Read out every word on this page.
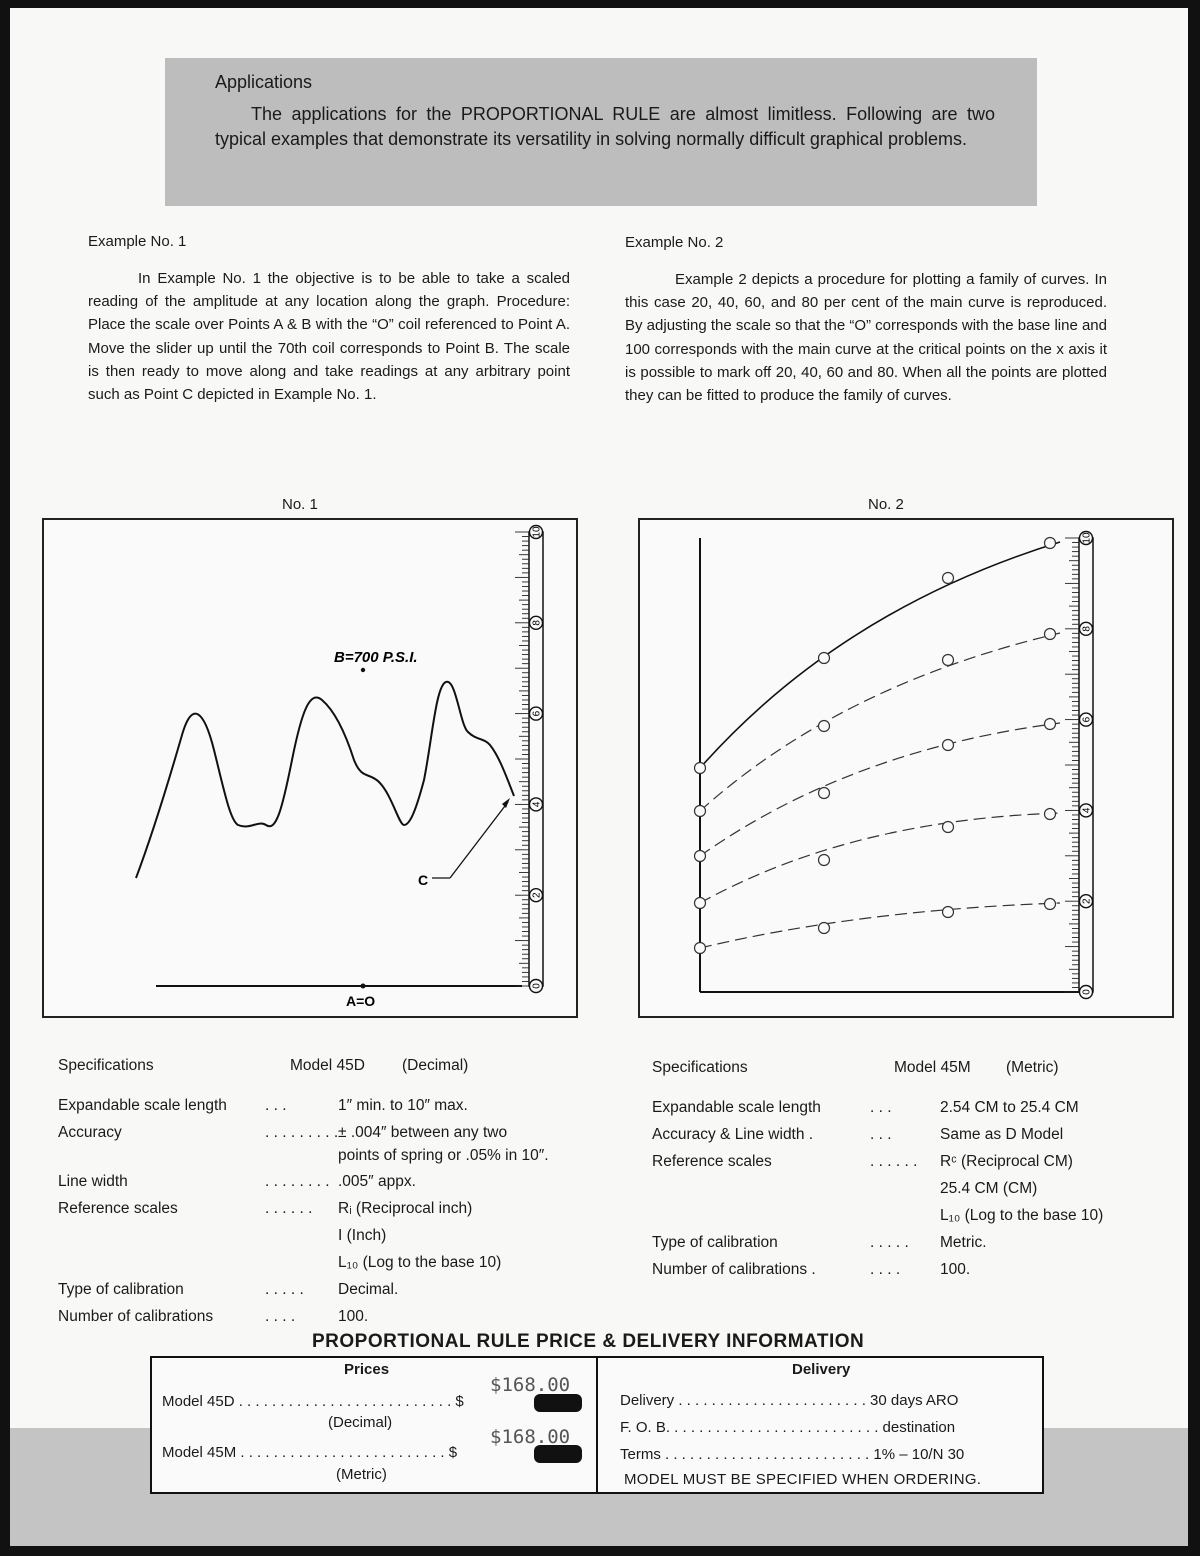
Applications
The applications for the PROPORTIONAL RULE are almost limitless. Following are two typical examples that demonstrate its versatility in solving normally difficult graphical problems.
Example No. 1
In Example No. 1 the objective is to be able to take a scaled reading of the amplitude at any location along the graph. Procedure: Place the scale over Points A & B with the “O” coil referenced to Point A. Move the slider up until the 70th coil corresponds to Point B. The scale is then ready to move along and take readings at any arbitrary point such as Point C depicted in Example No. 1.
Example No. 2
Example 2 depicts a procedure for plotting a family of curves. In this case 20, 40, 60, and 80 per cent of the main curve is reproduced. By adjusting the scale so that the “O” corresponds with the base line and 100 corresponds with the main curve at the critical points on the x axis it is possible to mark off 20, 40, 60 and 80. When all the points are plotted they can be fitted to produce the family of curves.
No. 1
B=700 P.S.I.
A=O
C
0
2
4
6
8
10
No. 2
0
2
4
6
8
10
Specifications	Model 45D (Decimal)	Specifications	Model 45M (Metric)
PROPORTIONAL RULE PRICE & DELIVERY INFORMATION
Prices
Model 45D . . . . . . . . . . . . . . . . . . . . . . . . . . $
$168.00
(Decimal)
Model 45M . . . . . . . . . . . . . . . . . . . . . . . . . $
$168.00
(Metric)
Delivery
Delivery . . . . . . . . . . . . . . . . . . . . . . . 30 days ARO
F. O. B. . . . . . . . . . . . . . . . . . . . . . . . . . destination
Terms . . . . . . . . . . . . . . . . . . . . . . . . . 1% – 10/N 30
MODEL MUST BE SPECIFIED WHEN ORDERING.
Expandable scale length . . .	1″ min. to 10″ max.
Accuracy	. . . . . . . . . ± .004″ between any two
points of spring or .05% in 10″.
Line width	. . . . . . . . .005″ appx.
Reference scales	. . . . . . Rᵢ (Reciprocal inch)
I (Inch)
L₁₀ (Log to the base 10)
Type of calibration	. . . . . Decimal.
Number of calibrations	. . . .	100.
Expandable scale length	. . .	2.54 CM to 25.4 CM
Accuracy & Line width .	. . .	Same as D Model
Reference scales	. . . . . . Rᶜ (Reciprocal CM)
25.4 CM (CM)
L₁₀ (Log to the base 10)
Type of calibration	. . . . . Metric.
Number of calibrations .	. . . .	100.
